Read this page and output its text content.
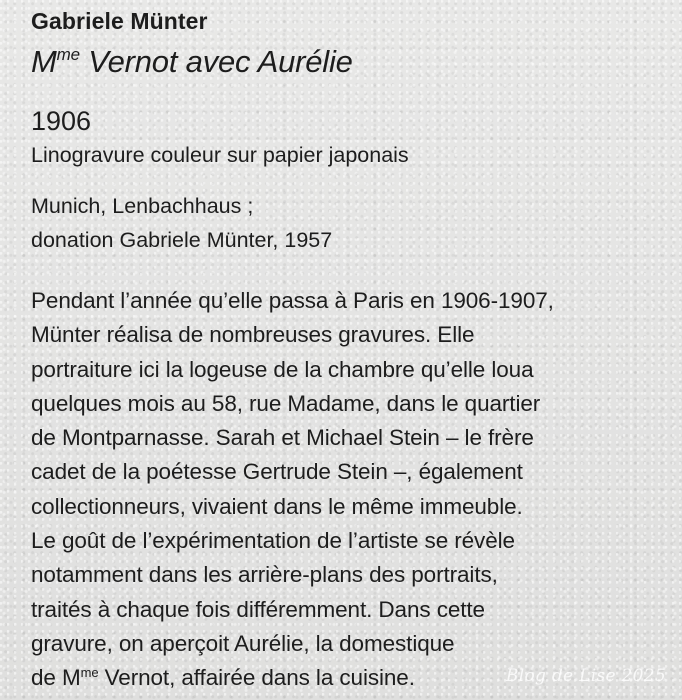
Gabriele Münter
$M^{me}$ Vernot avec Aurélie
1906
Linogravure couleur sur papier japonais
Munich, Lenbachhaus ;
donation Gabriele Münter, 1957
Pendant l’année qu’elle passa à Paris en 1906-1907,
Münter réalisa de nombreuses gravures. Elle
portraiture ici la logeuse de la chambre qu’elle loua
quelques mois au 58, rue Madame, dans le quartier
de Montparnasse. Sarah et Michael Stein – le frère
cadet de la poétesse Gertrude Stein –, également
collectionneurs, vivaient dans le même immeuble.
Le goût de l’expérimentation de l’artiste se révèle
notamment dans les arrière-plans des portraits,
traités à chaque fois différemment. Dans cette
gravure, on aperçoit Aurélie, la domestique
de $M^{me}$ Vernot, affairée dans la cuisine.	Blog de Lise 2025
